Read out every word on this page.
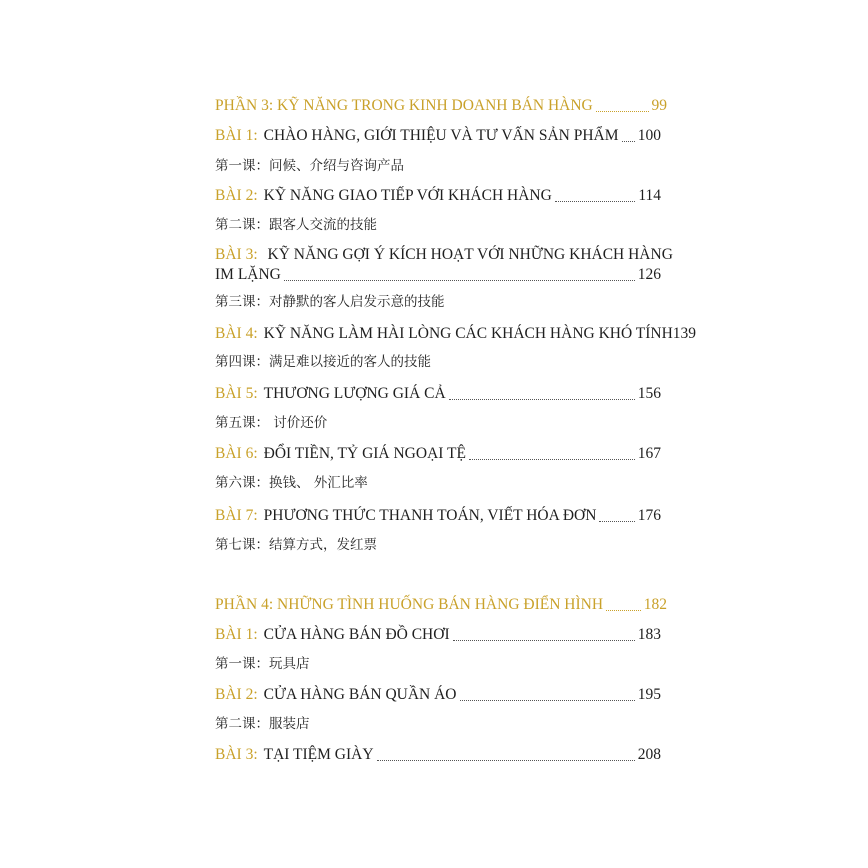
PHẦN 3: KỸ NĂNG TRONG KINH DOANH BÁN HÀNG	99
BÀI 1: CHÀO HÀNG, GIỚI THIỆU VÀ TƯ VẤN SẢN PHẨM 100
第一课：问候、介绍与咨询产品
BÀI 2: KỸ NĂNG GIAO TIẾP VỚI KHÁCH HÀNG	114
第二课：跟客人交流的技能
BÀI 3: KỸ NĂNG GỢI Ý KÍCH HOẠT VỚI NHỮNG KHÁCH HÀNG
IM LẶNG	126
第三课：对静默的客人启发示意的技能
BÀI 4: KỸ NĂNG LÀM HÀI LÒNG CÁC KHÁCH HÀNG KHÓ TÍNH 139
第四课：满足难以接近的客人的技能
BÀI 5: THƯƠNG LƯỢNG GIÁ CẢ	156
第五课： 讨价还价
BÀI 6: ĐỔI TIỀN, TỶ GIÁ NGOẠI TỆ	167
第六课：换钱、 外汇比率
BÀI 7: PHƯƠNG THỨC THANH TOÁN, VIẾT HÓA ĐƠN	176
第七课：结算方式，发红票
PHẦN 4: NHỮNG TÌNH HUỐNG BÁN HÀNG ĐIỂN HÌNH	182
BÀI 1: CỬA HÀNG BÁN ĐỒ CHƠI	183
第一课：玩具店
BÀI 2: CỬA HÀNG BÁN QUẦN ÁO	195
第二课：服装店
BÀI 3: TẠI TIỆM GIÀY	208
